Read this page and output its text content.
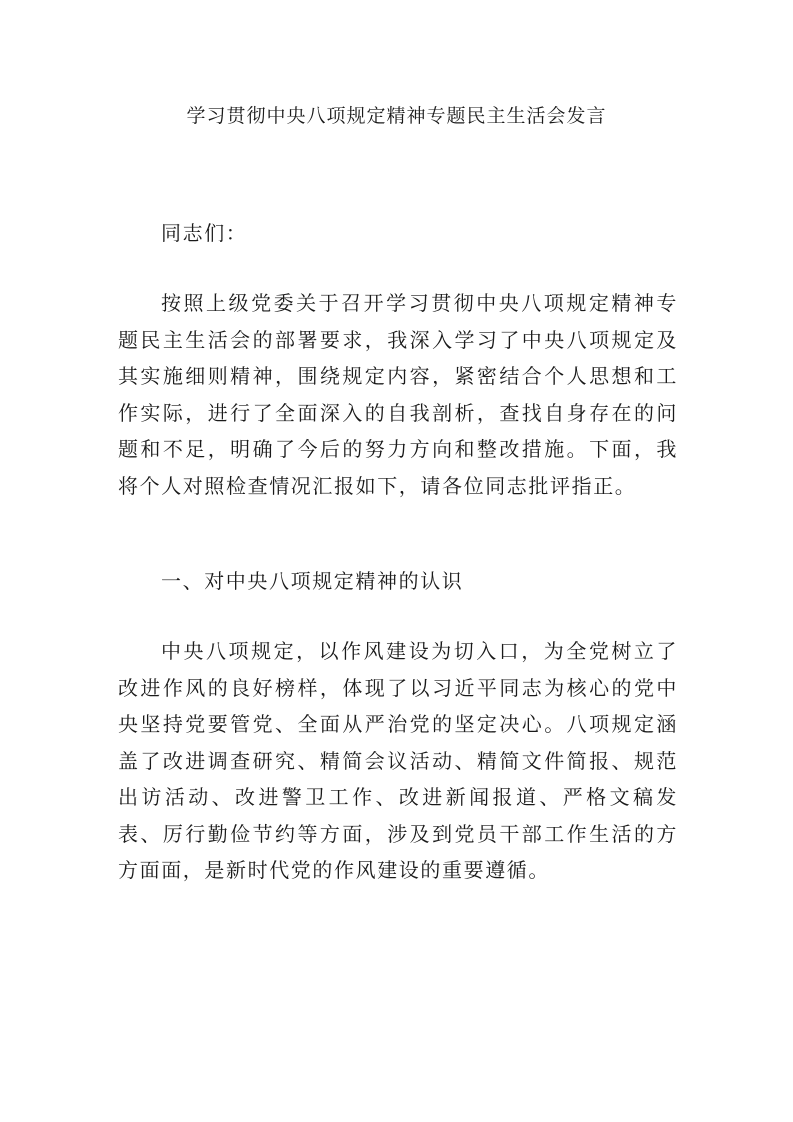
学习贯彻中央八项规定精神专题民主生活会发言

同志们：

按照上级党委关于召开学习贯彻中央八项规定精神专题民主生活会的部署要求，我深入学习了中央八项规定及其实施细则精神，围绕规定内容，紧密结合个人思想和工作实际，进行了全面深入的自我剖析，查找自身存在的问题和不足，明确了今后的努力方向和整改措施。下面，我将个人对照检查情况汇报如下，请各位同志批评指正。

一、对中央八项规定精神的认识

中央八项规定，以作风建设为切入口，为全党树立了改进作风的良好榜样，体现了以习近平同志为核心的党中央坚持党要管党、全面从严治党的坚定决心。八项规定涵盖了改进调查研究、精简会议活动、精简文件简报、规范出访活动、改进警卫工作、改进新闻报道、严格文稿发表、厉行勤俭节约等方面，涉及到党员干部工作生活的方方面面，是新时代党的作风建设的重要遵循。
